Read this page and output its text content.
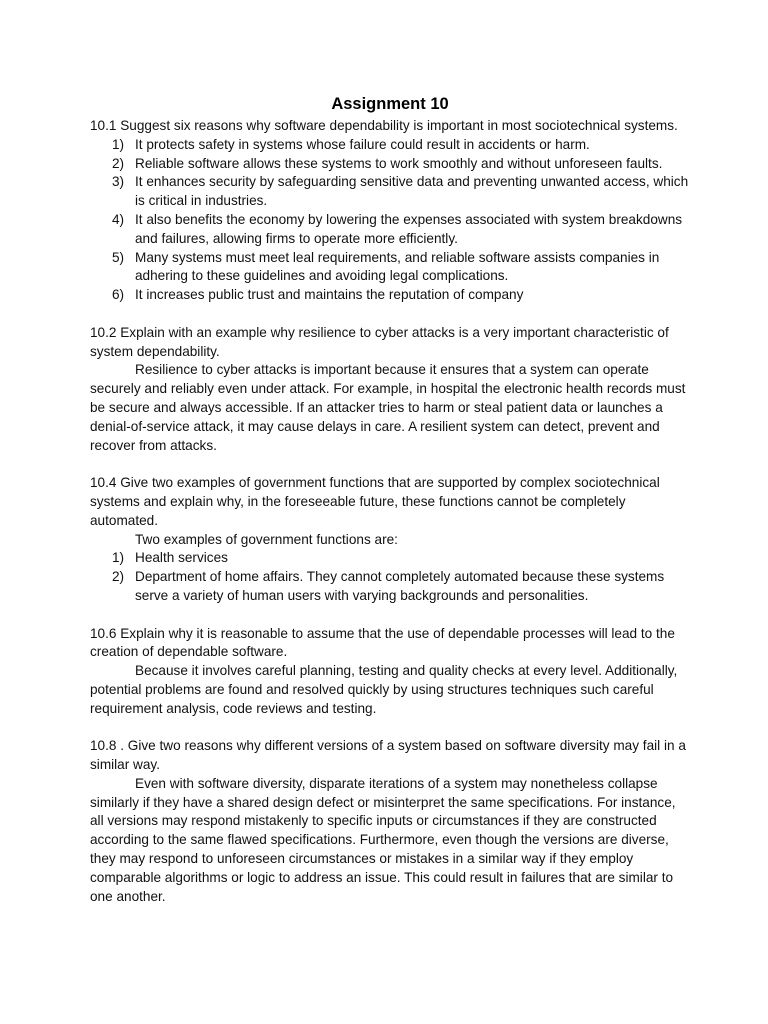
Assignment 10

10.1 Suggest six reasons why software dependability is important in most sociotechnical systems.

1) It protects safety in systems whose failure could result in accidents or harm.
2) Reliable software allows these systems to work smoothly and without unforeseen faults.
3) It enhances security by safeguarding sensitive data and preventing unwanted access, which is critical in industries.
4) It also benefits the economy by lowering the expenses associated with system breakdowns and failures, allowing firms to operate more efficiently.
5) Many systems must meet leal requirements, and reliable software assists companies in adhering to these guidelines and avoiding legal complications.
6) It increases public trust and maintains the reputation of company

10.2 Explain with an example why resilience to cyber attacks is a very important characteristic of system dependability.

Resilience to cyber attacks is important because it ensures that a system can operate securely and reliably even under attack. For example, in hospital the electronic health records must be secure and always accessible. If an attacker tries to harm or steal patient data or launches a denial-of-service attack, it may cause delays in care. A resilient system can detect, prevent and recover from attacks.

10.4 Give two examples of government functions that are supported by complex sociotechnical systems and explain why, in the foreseeable future, these functions cannot be completely automated.

Two examples of government functions are:

1) Health services
2) Department of home affairs. They cannot completely automated because these systems serve a variety of human users with varying backgrounds and personalities.

10.6 Explain why it is reasonable to assume that the use of dependable processes will lead to the creation of dependable software.

Because it involves careful planning, testing and quality checks at every level. Additionally, potential problems are found and resolved quickly by using structures techniques such careful requirement analysis, code reviews and testing.

10.8 . Give two reasons why different versions of a system based on software diversity may fail in a similar way.

Even with software diversity, disparate iterations of a system may nonetheless collapse similarly if they have a shared design defect or misinterpret the same specifications. For instance, all versions may respond mistakenly to specific inputs or circumstances if they are constructed according to the same flawed specifications. Furthermore, even though the versions are diverse, they may respond to unforeseen circumstances or mistakes in a similar way if they employ comparable algorithms or logic to address an issue. This could result in failures that are similar to one another.
